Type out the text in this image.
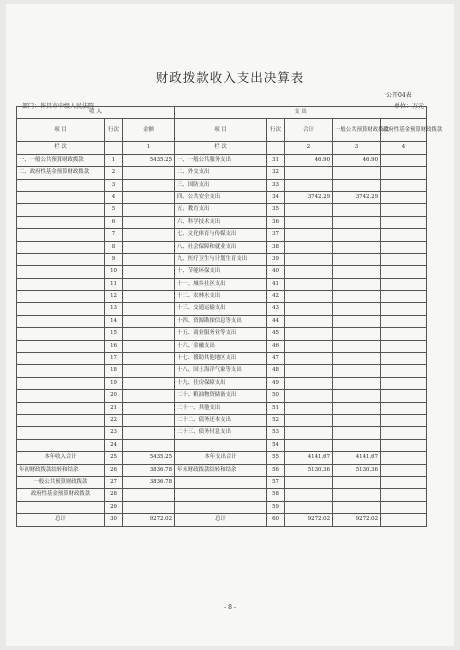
财政拨款收入支出决算表
公开04表
部门：许昌市中级人民法院	单位：万元
- 8 -
收 入			支 出				
项 目	行次	金额	项 目	行次	合计	一般公共预算财政拨款	政府性基金预算财政拨款
栏 次		1	栏 次		2	3	4
一、一般公共预算财政拨款	1	5435.25	一、一般公共服务支出	31	46.90	46.90	
二、政府性基金预算财政拨款	2		二、外交支出	32			
	3		三、国防支出	33			
	4		四、公共安全支出	34	3742.29	3742.29	
	5		五、教育支出	35			
	6		六、科学技术支出	36			
	7		七、文化体育与传媒支出	37			
	8		八、社会保障和就业支出	38			
	9		九、医疗卫生与计划生育支出	39			
	10		十、节能环保支出	40			
	11		十一、城乡社区支出	41			
	12		十二、农林水支出	42			
	13		十三、交通运输支出	43			
	14		十四、资源勘探信息等支出	44			
	15		十五、商业服务业等支出	45			
	16		十六、金融支出	46			
	17		十七、援助其他地区支出	47			
	18		十八、国土海洋气象等支出	48			
	19		十九、住房保障支出	49			
	20		二十、粮油物资储备支出	50			
	21		二十一、其他支出	51			
	22		二十二、债务还本支出	52			
	23		二十三、债务付息支出	53			
	24			54			
本年收入合计	25	5435.25	本年支出合计	55	4141.67	4141.67	
年初财政拨款结转和结余	26	3836.78	年末财政拨款结转和结余	56	5130.36	5130.36	
一般公共预算财政拨款	27	3836.78		57			
政府性基金预算财政拨款	28			58			
	29			59			
总计	30	9272.02	总计	60	9272.02	9272.02	
